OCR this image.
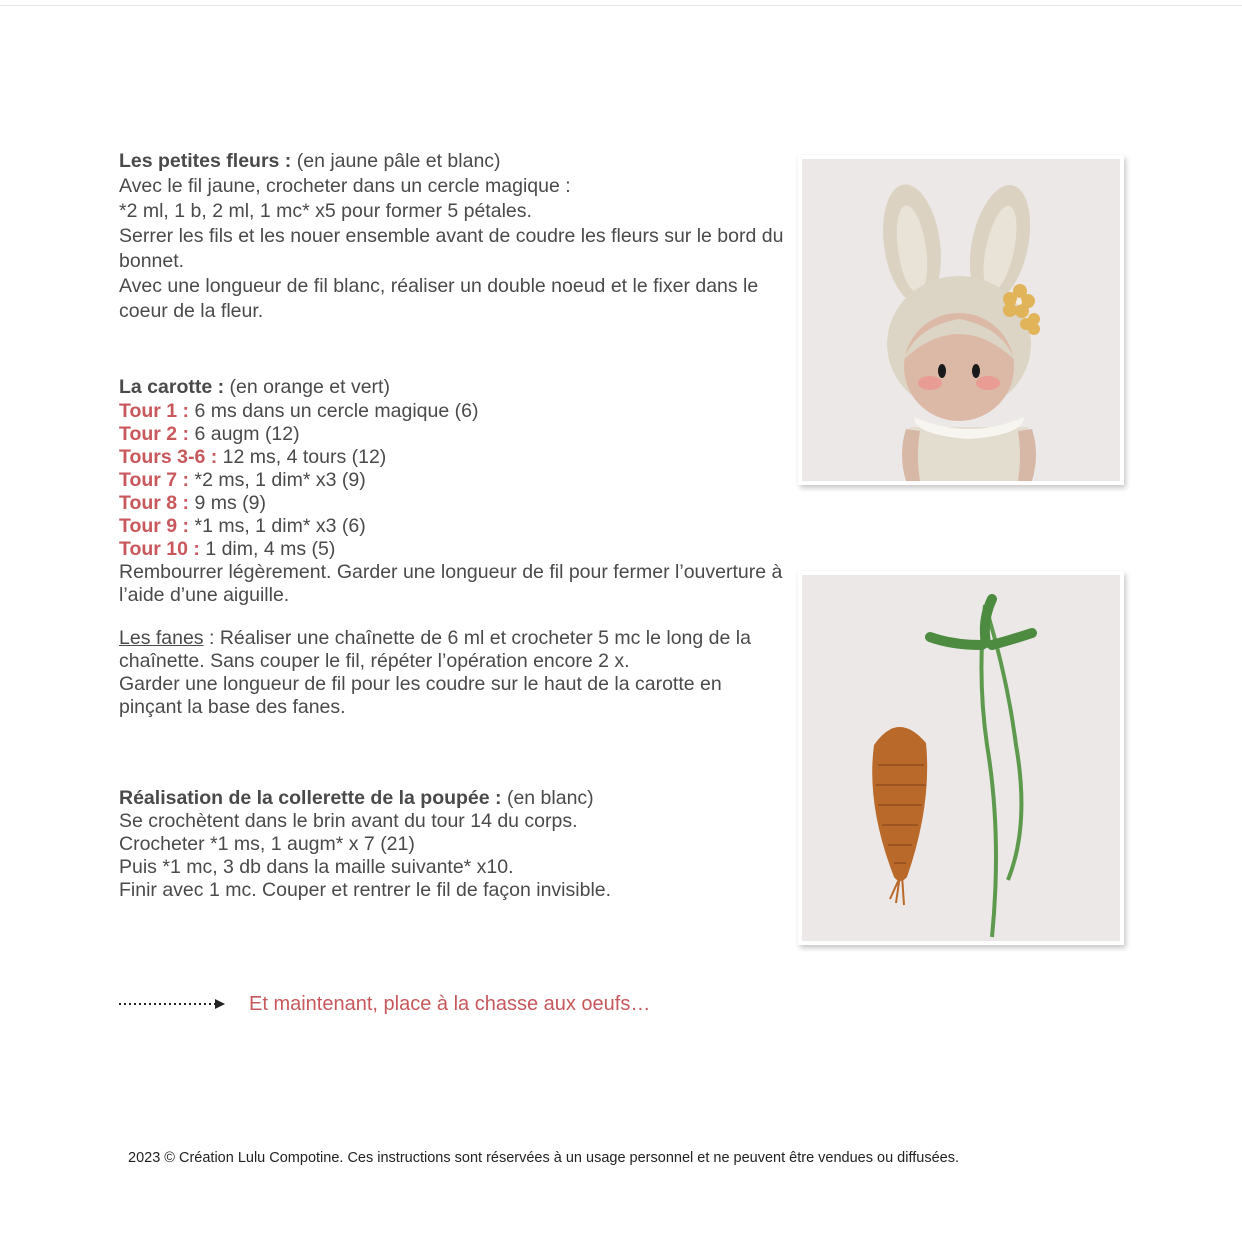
Les petites fleurs : (en jaune pâle et blanc)

Avec le fil jaune, crocheter dans un cercle magique :

*2 ml, 1 b, 2 ml, 1 mc* x5 pour former 5 pétales.

Serrer les fils et les nouer ensemble avant de coudre les fleurs sur le bord du bonnet.

Avec une longueur de fil blanc, réaliser un double noeud et le fixer dans le coeur de la fleur.

La carotte : (en orange et vert)

Tour 1 : 6 ms dans un cercle magique (6)

Tour 2 : 6 augm (12)

Tours 3-6 : 12 ms, 4 tours (12)

Tour 7 : *2 ms, 1 dim* x3 (9)

Tour 8 : 9 ms (9)

Tour 9 : *1 ms, 1 dim* x3 (6)

Tour 10 : 1 dim, 4 ms (5)

Rembourrer légèrement. Garder une longueur de fil pour fermer l’ouverture à l’aide d’une aiguille.

Les fanes : Réaliser une chaînette de 6 ml et crocheter 5 mc le long de la chaînette. Sans couper le fil, répéter l’opération encore 2 x.

Garder une longueur de fil pour les coudre sur le haut de la carotte en pinçant la base des fanes.

Réalisation de la collerette de la poupée : (en blanc)

Se crochètent dans le brin avant du tour 14 du corps.

Crocheter *1 ms, 1 augm* x 7 (21)

Puis *1 mc, 3 db dans la maille suivante* x10.

Finir avec 1 mc. Couper et rentrer le fil de façon invisible.

Et maintenant, place à la chasse aux oeufs…
2023 © Création Lulu Compotine. Ces instructions sont réservées à un usage personnel et ne peuvent être vendues ou diffusées.
